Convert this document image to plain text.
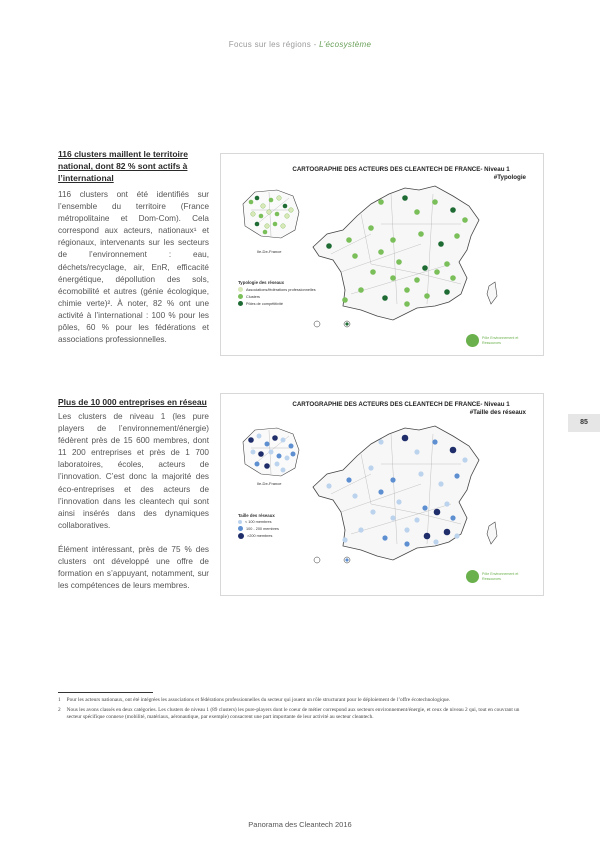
Focus sur les régions - L’écosystème
116 clusters maillent le territoire national, dont 82 % sont actifs à l’international

116 clusters ont été identifiés sur l’ensemble du territoire (France métropolitaine et Dom-Com). Cela correspond aux acteurs, nationaux¹ et régionaux, intervenants sur les secteurs de l’environnement : eau, déchets/recyclage, air, EnR, efficacité énergétique, dépollution des sols, écomobilité et autres (génie écologique, chimie verte)². À noter, 82 % ont une activité à l’international : 100 % pour les pôles, 60 % pour les fédérations et associations professionnelles.

CARTOGRAPHIE DES ACTEURS DES CLEANTECH DE FRANCE- Niveau 1
#Typologie
Ile-De-France
Typologie des réseaux
Associations/fédérations professionnelles
Clusters
Pôles de compétitivité
Pôle Environnement et Ressources
Plus de 10 000 entreprises en réseau

Les clusters de niveau 1 (les pure players de l’environnement/énergie) fédèrent près de 15 600 membres, dont 11 200 entreprises et près de 1 700 laboratoires, écoles, acteurs de l’innovation. C’est donc la majorité des éco-entreprises et des acteurs de l’innovation dans les cleantech qui sont ainsi insérés dans des dynamiques collaboratives.

Élément intéressant, près de 75 % des clusters ont développé une offre de formation en s’appuyant, notamment, sur les compétences de leurs membres.

CARTOGRAPHIE DES ACTEURS DES CLEANTECH DE FRANCE- Niveau 1
#Taille des réseaux
Ile-De-France
Taille des réseaux
< 100 membres
100 - 200 membres
>200 membres
Pôle Environnement et Ressources
85
1 Pour les acteurs nationaux, ont été intégrées les associations et fédérations professionnelles du secteur qui jouent un rôle structurant pour le déploiement de l’offre écotechnologique.
2 Nous les avons classés en deux catégories. Les clusters de niveau 1 (89 clusters) les pure-players dont le coeur de métier correspond aux secteurs environnement/énergie, et ceux de niveau 2 qui, tout en couvrant un secteur spécifique connexe (mobilité, matériaux, aéronautique, par exemple) consacrent une part importante de leur activité au secteur cleantech.
Panorama des Cleantech 2016
